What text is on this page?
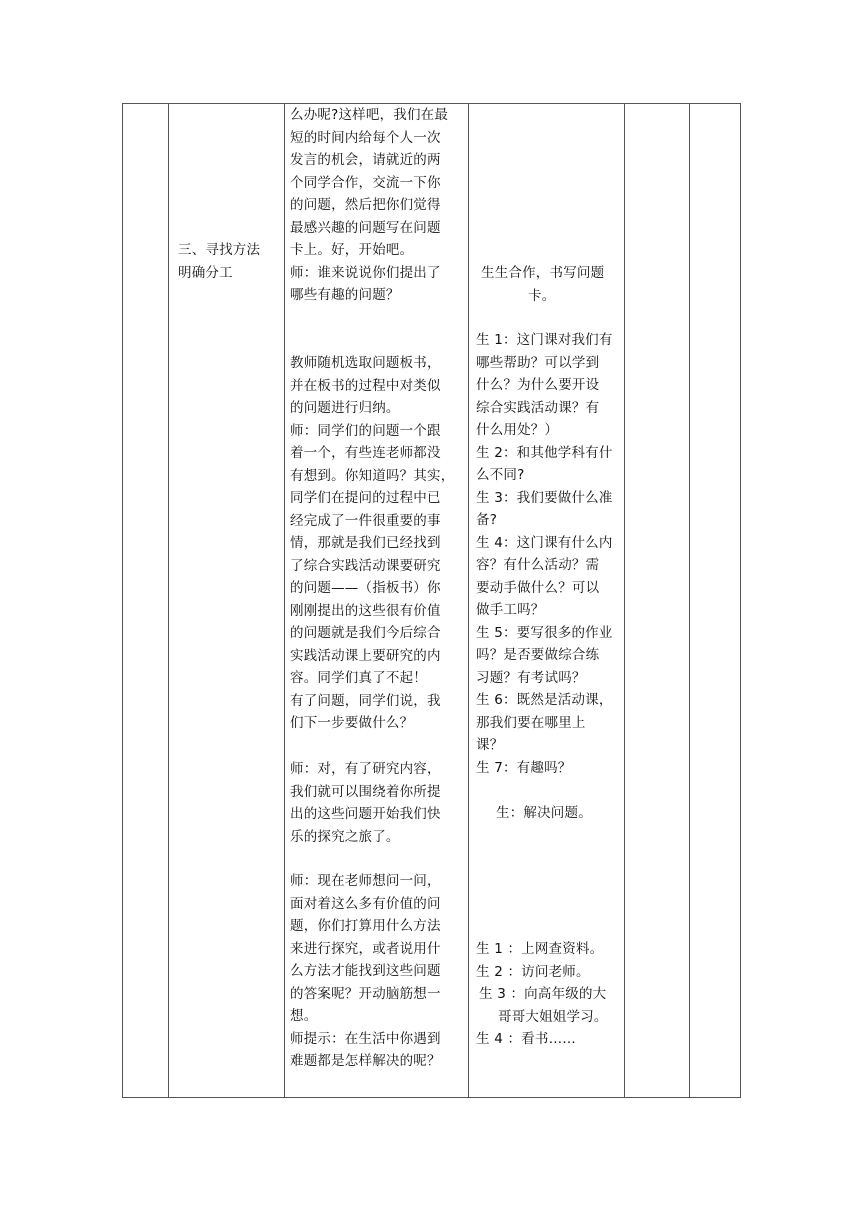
三、寻找方法
明确分工
么办呢?这样吧，我们在最
短的时间内给每个人一次
发言的机会，请就近的两
个同学合作，交流一下你
的问题，然后把你们觉得
最感兴趣的问题写在问题
卡上。好，开始吧。
师：谁来说说你们提出了
哪些有趣的问题？
教师随机选取问题板书，
并在板书的过程中对类似
的问题进行归纳。
师：同学们的问题一个跟
着一个，有些连老师都没
有想到。你知道吗？其实，
同学们在提问的过程中已
经完成了一件很重要的事
情，那就是我们已经找到
了综合实践活动课要研究
的问题——（指板书）你
刚刚提出的这些很有价值
的问题就是我们今后综合
实践活动课上要研究的内
容。同学们真了不起！
有了问题，同学们说，我
们下一步要做什么？
师：对，有了研究内容，
我们就可以围绕着你所提
出的这些问题开始我们快
乐的探究之旅了。
师：现在老师想问一问，
面对着这么多有价值的问
题，你们打算用什么方法
来进行探究，或者说用什
么方法才能找到这些问题
的答案呢？开动脑筋想一
想。
师提示：在生活中你遇到
难题都是怎样解决的呢？
生生合作，书写问题
卡。
生 1：这门课对我们有
哪些帮助？可以学到
什么？为什么要开设
综合实践活动课？有
什么用处？）
生 2：和其他学科有什
么不同?
生 3：我们要做什么准
备?
生 4：这门课有什么内
容？有什么活动？需
要动手做什么？可以
做手工吗？
生 5：要写很多的作业
吗？是否要做综合练
习题？有考试吗？
生 6：既然是活动课，
那我们要在哪里上
课？
生 7：有趣吗？
生：解决问题。
生 1 ：上网查资料。
生 2 ：访问老师。
生 3 ：向高年级的大
哥哥大姐姐学习。
生 4 ：看书……
